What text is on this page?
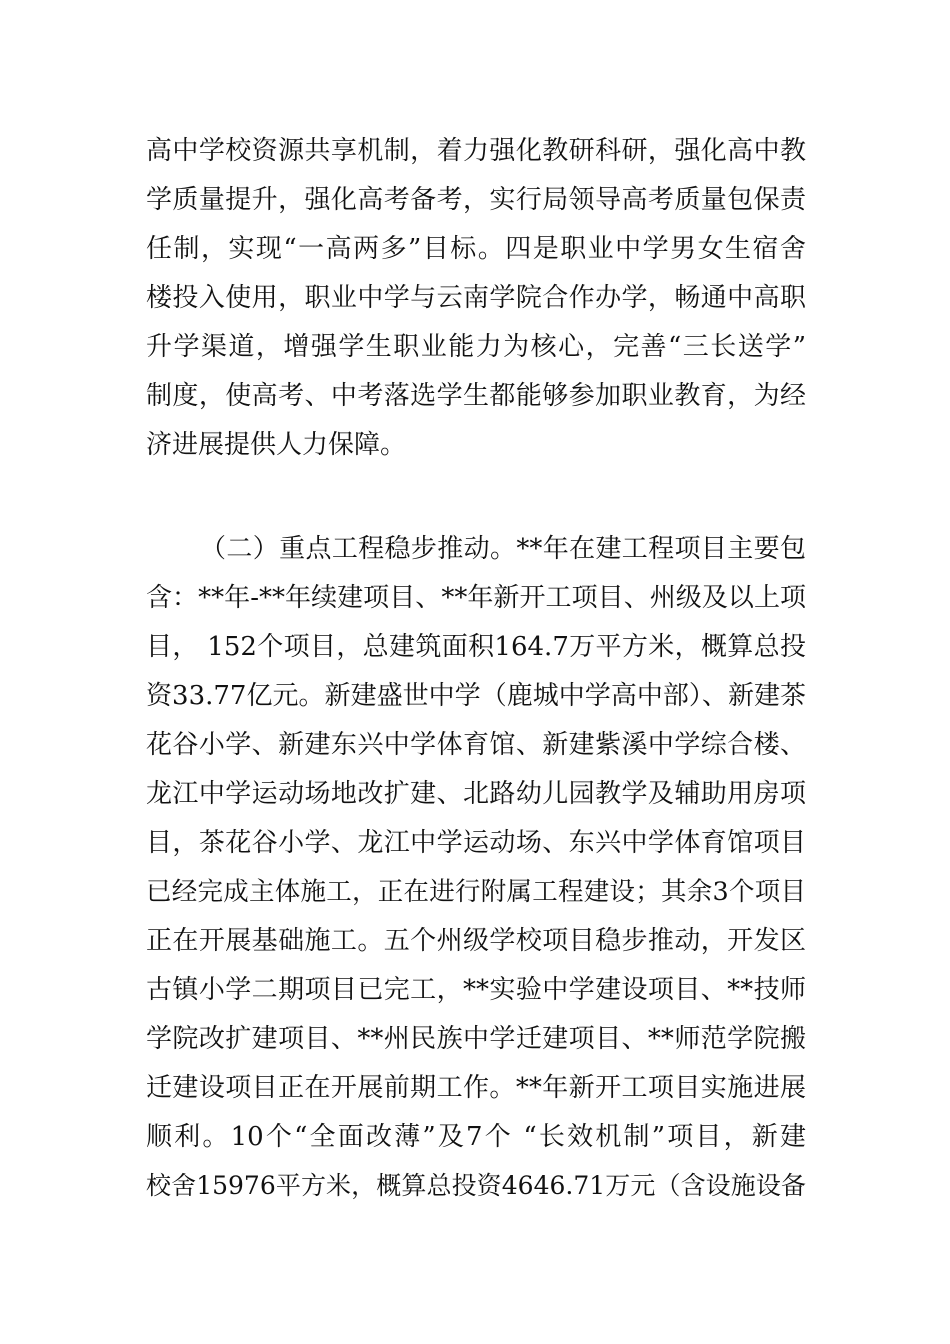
高中学校资源共享机制，着力强化教研科研，强化高中教
学质量提升，强化高考备考，实行局领导高考质量包保责
任制，实现“一高两多”目标。四是职业中学男女生宿舍
楼投入使用，职业中学与云南学院合作办学，畅通中高职
升学渠道，增强学生职业能力为核心，完善“三长送学”
制度，使高考、中考落选学生都能够参加职业教育，为经
济进展提供人力保障。
（二）重点工程稳步推动。**年在建工程项目主要包
含：**年-**年续建项目、**年新开工项目、州级及以上项
目， 152个项目，总建筑面积164.7万平方米，概算总投
资33.77亿元。新建盛世中学（鹿城中学高中部）、新建茶
花谷小学、新建东兴中学体育馆、新建紫溪中学综合楼、
龙江中学运动场地改扩建、北路幼儿园教学及辅助用房项
目，茶花谷小学、龙江中学运动场、东兴中学体育馆项目
已经完成主体施工，正在进行附属工程建设；其余3个项目
正在开展基础施工。五个州级学校项目稳步推动，开发区
古镇小学二期项目已完工，**实验中学建设项目、**技师
学院改扩建项目、**州民族中学迁建项目、**师范学院搬
迁建设项目正在开展前期工作。**年新开工项目实施进展
顺利。10个“全面改薄”及7个 “长效机制”项目，新建
校舍15976平方米，概算总投资4646.71万元（含设施设备
